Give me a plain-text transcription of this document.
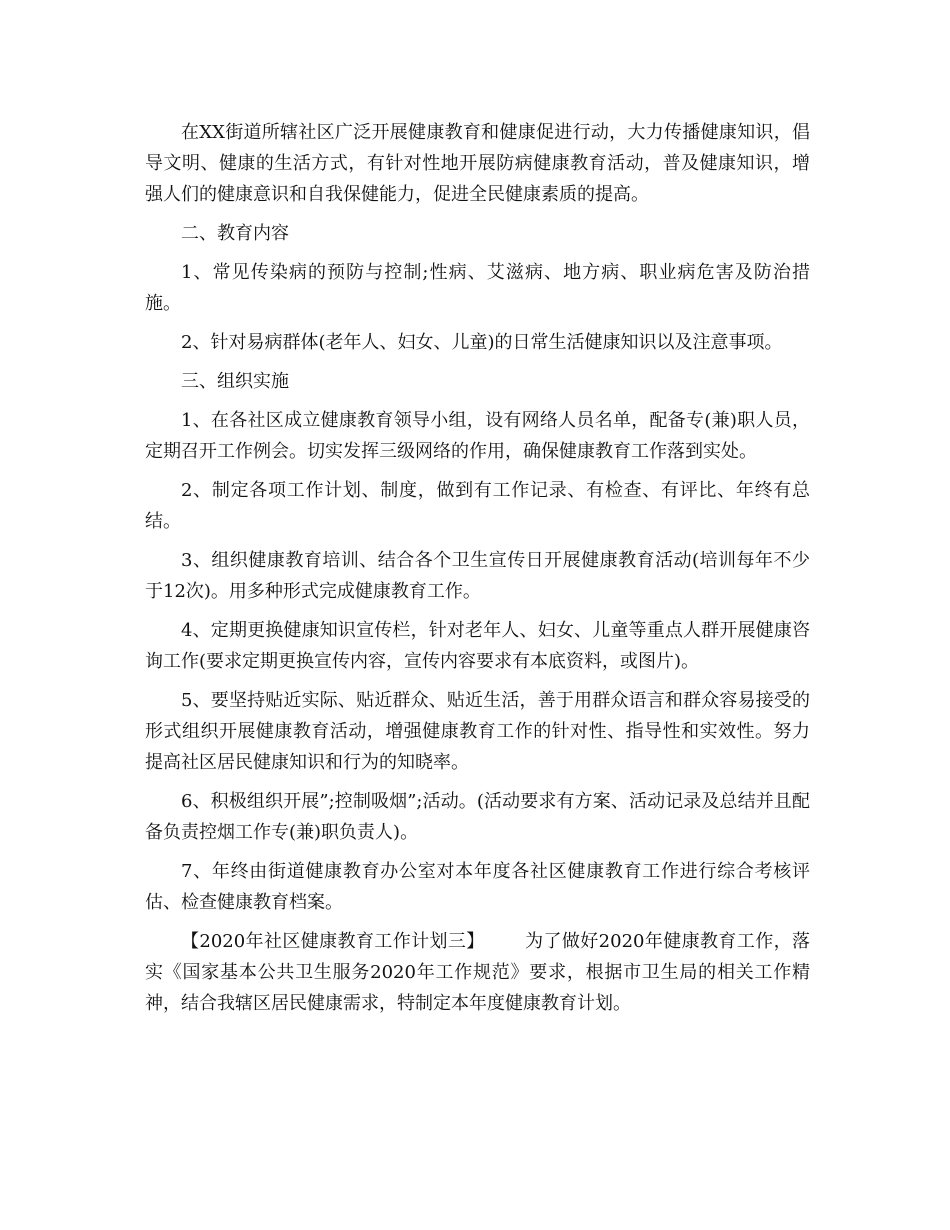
在XX街道所辖社区广泛开展健康教育和健康促进行动，大力传播健康知识，倡导文明、健康的生活方式，有针对性地开展防病健康教育活动，普及健康知识，增强人们的健康意识和自我保健能力，促进全民健康素质的提高。

二、教育内容

1、常见传染病的预防与控制;性病、艾滋病、地方病、职业病危害及防治措施。

2、针对易病群体(老年人、妇女、儿童)的日常生活健康知识以及注意事项。

三、组织实施

1、在各社区成立健康教育领导小组，设有网络人员名单，配备专(兼)职人员，定期召开工作例会。切实发挥三级网络的作用，确保健康教育工作落到实处。

2、制定各项工作计划、制度，做到有工作记录、有检查、有评比、年终有总结。

3、组织健康教育培训、结合各个卫生宣传日开展健康教育活动(培训每年不少于12次)。用多种形式完成健康教育工作。

4、定期更换健康知识宣传栏，针对老年人、妇女、儿童等重点人群开展健康咨询工作(要求定期更换宣传内容，宣传内容要求有本底资料，或图片)。

5、要坚持贴近实际、贴近群众、贴近生活，善于用群众语言和群众容易接受的形式组织开展健康教育活动，增强健康教育工作的针对性、指导性和实效性。努力提高社区居民健康知识和行为的知晓率。

6、积极组织开展”;控制吸烟”;活动。(活动要求有方案、活动记录及总结并且配备负责控烟工作专(兼)职负责人)。

7、年终由街道健康教育办公室对本年度各社区健康教育工作进行综合考核评估、检查健康教育档案。

【2020年社区健康教育工作计划三】 为了做好2020年健康教育工作，落实《国家基本公共卫生服务2020年工作规范》要求，根据市卫生局的相关工作精神，结合我辖区居民健康需求，特制定本年度健康教育计划。
